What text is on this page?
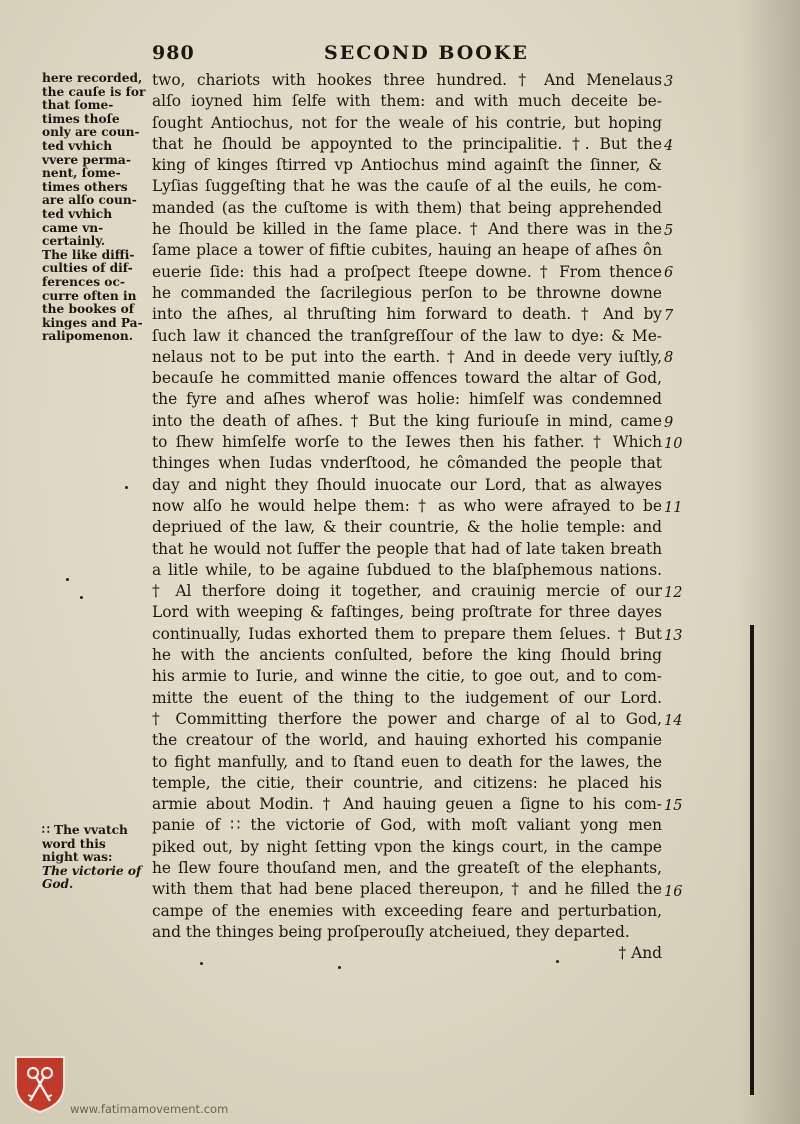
980	SECOND BOOKE
here recorded,
the cauſe is for
that ſome-
times thoſe
only are coun-
ted vvhich
vvere perma-
nent, ſome-
times others
are alſo coun-
ted vvhich
came vn-
certainly.
The like diffi-
culties of dif-
ferences oc-
curre often in
the bookes of
kinges and Pa-
ralipomenon.
∷ The vvatch
word this
night was:
The victorie of
God.
two, chariots with hookes three hundred. † And Menelaus
alſo ioyned him ſelfe with them: and with much deceite be-
ſought Antiochus, not for the weale of his contrie, but hoping
that he ſhould be appoynted to the principalitie. †. But the
king of kinges ſtirred vp Antiochus mind againſt the ſinner, &
Lyſias ſuggeſting that he was the cauſe of al the euils, he com-
manded (as the cuſtome is with them) that being apprehended
he ſhould be killed in the ſame place. † And there was in the
ſame place a tower of fiftie cubites, hauing an heape of aſhes ôn
euerie ſide: this had a proſpect ſteepe downe. † From thence
he commanded the ſacrilegious perſon to be throwne downe
into the aſhes, al thruſting him forward to death. † And by
ſuch law it chanced the tranſgreſſour of the law to dye: & Me-
nelaus not to be put into the earth. † And in deede very iuſtly,
becauſe he committed manie offences toward the altar of God,
the fyre and aſhes wherof was holie: himſelf was condemned
into the death of aſhes. † But the king furiouſe in mind, came
to ſhew himſelfe worſe to the Iewes then his father. † Which
thinges when Iudas vnderſtood, he cômanded the people that
day and night they ſhould inuocate our Lord, that as alwayes
now alſo he would helpe them: † as who were afrayed to be
depriued of the law, & their countrie, & the holie temple: and
that he would not ſuffer the people that had of late taken breath
a litle while, to be againe ſubdued to the blaſphemous nations.
† Al therfore doing it together, and crauinig mercie of our
Lord with weeping & faſtinges, being proſtrate for three dayes
continually, Iudas exhorted them to prepare them ſelues. † But
he with the ancients conſulted, before the king ſhould bring
his armie to Iurie, and winne the citie, to goe out, and to com-
mitte the euent of the thing to the iudgement of our Lord.
† Committing therfore the power and charge of al to God,
the creatour of the world, and hauing exhorted his companie
to fight manfully, and to ſtand euen to death for the lawes, the
temple, the citie, their countrie, and citizens: he placed his
armie about Modin. † And hauing geuen a ſigne to his com-
panie of ∷ the victorie of God, with moſt valiant yong men
piked out, by night ſetting vpon the kings court, in the campe
he ſlew foure thouſand men, and the greateſt of the elephants,
with them that had bene placed thereupon, † and he filled the
campe of the enemies with exceeding feare and perturbation,
and the thinges being proſperouſly atcheiued, they departed.
† And
3
4
5
6
7
8
9
10
11
12
13
14
15
16
www.fatimamovement.com
